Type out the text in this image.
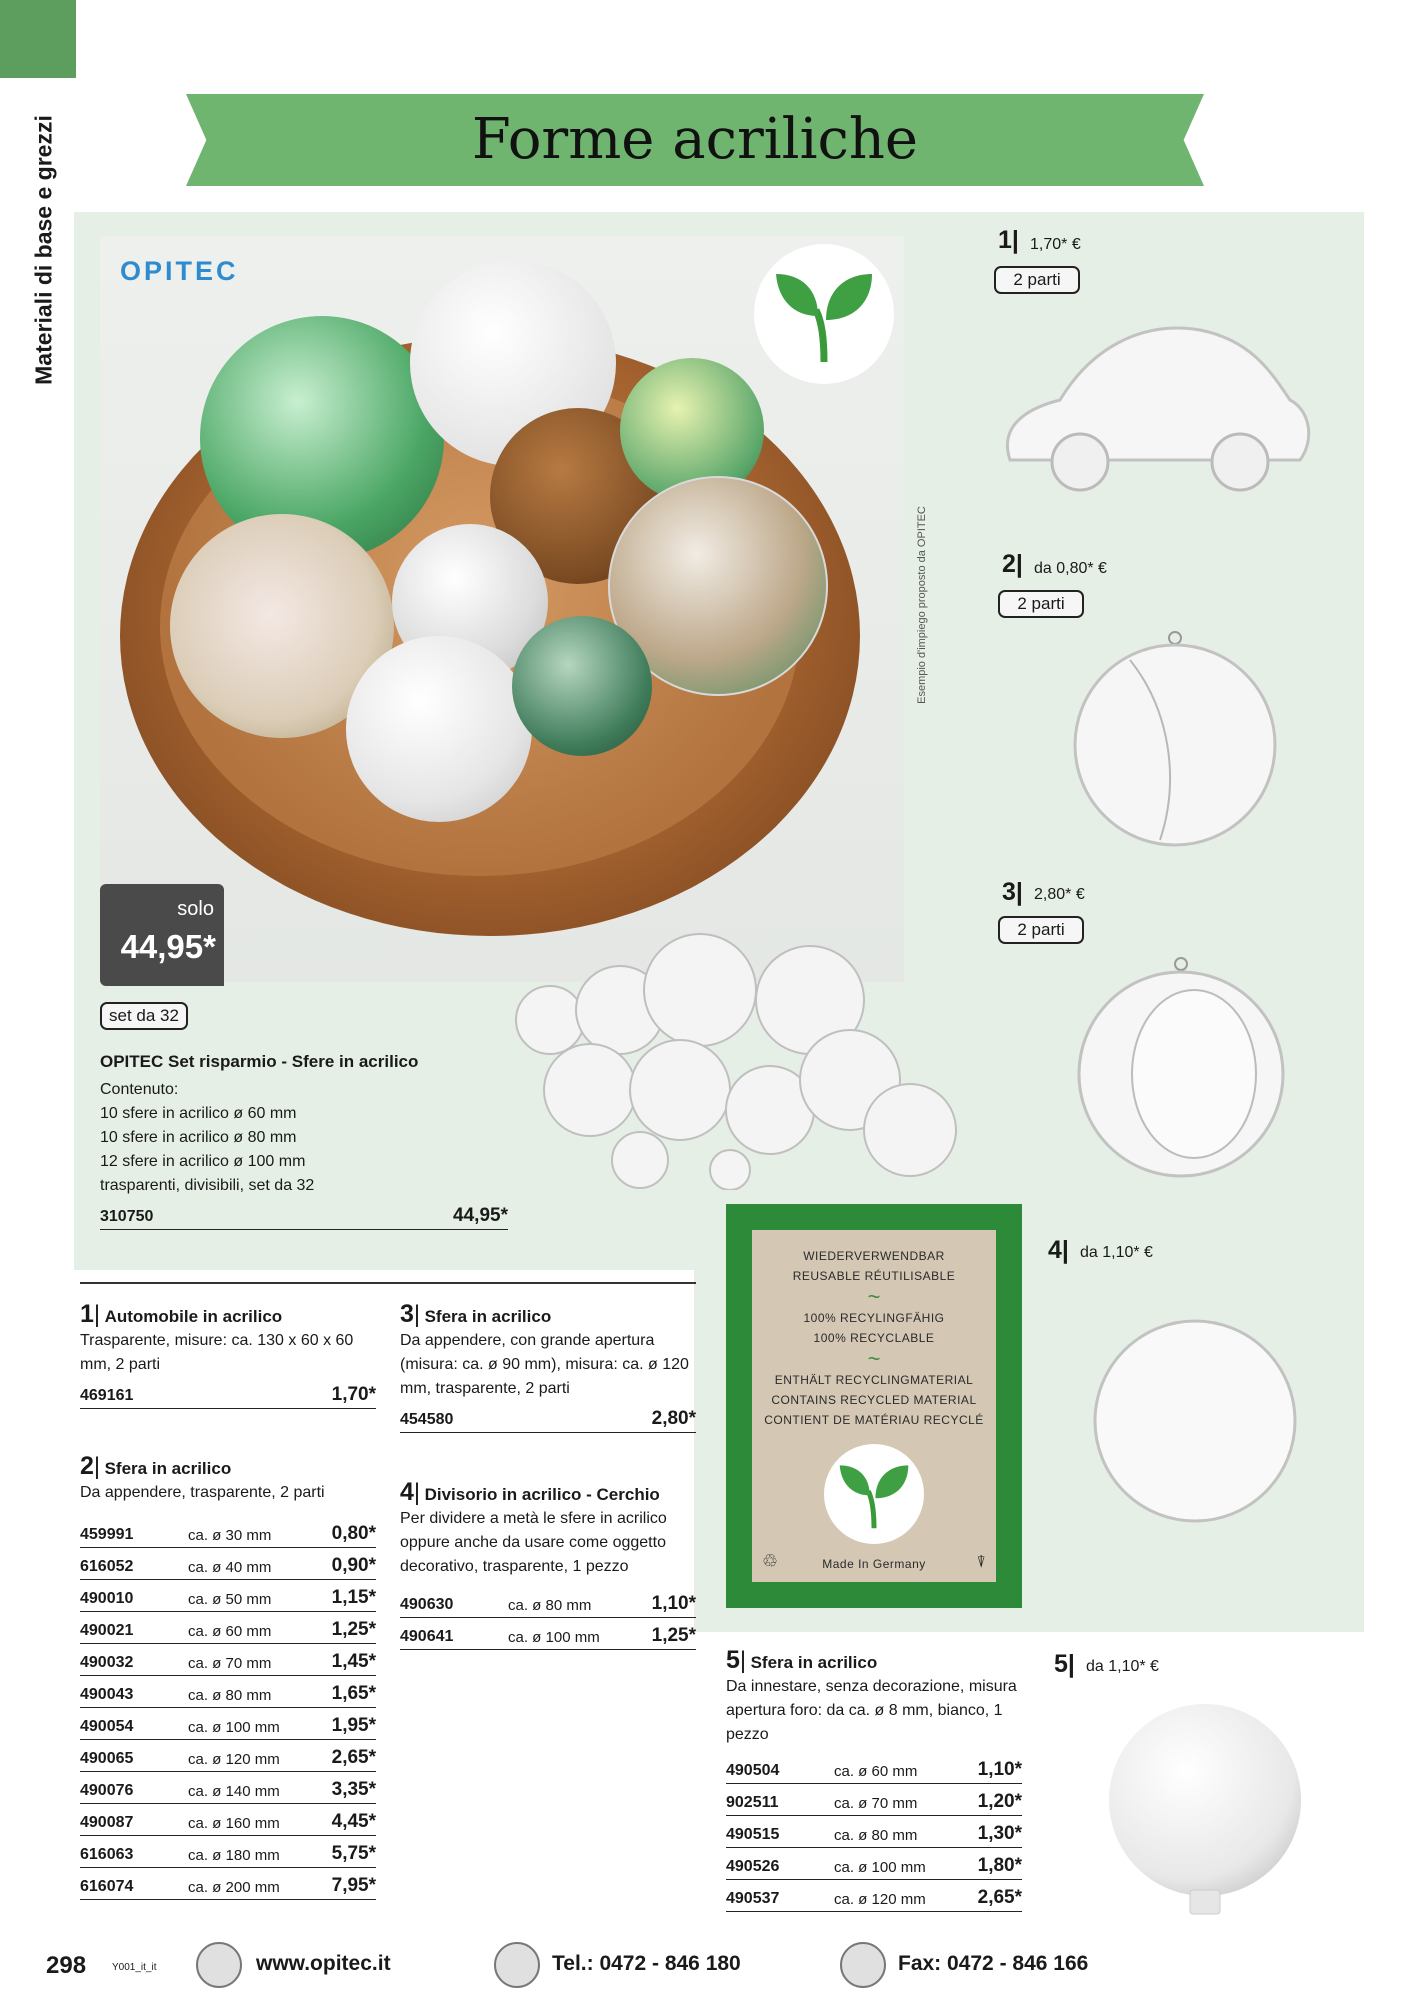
Materiali di base e grezzi	Forme acriliche
OPITEC
Esempio d'impiego proposto da OPITEC
solo
44,95*
set da 32
OPITEC Set risparmio - Sfere in acrilico
Contenuto:
10 sfere in acrilico ø 60 mm
10 sfere in acrilico ø 80 mm
12 sfere in acrilico ø 100 mm
trasparenti, divisibili, set da 32
310750	44,95*
1| Automobile in acrilico
Trasparente, misure: ca. 130 x 60 x 60 mm, 2 parti
469161	1,70*
2| Sfera in acrilico
Da appendere, trasparente, 2 parti
459991	ca. ø 30 mm	0,80*
616052	ca. ø 40 mm	0,90*
490010	ca. ø 50 mm	1,15*
490021	ca. ø 60 mm	1,25*
490032	ca. ø 70 mm	1,45*
490043	ca. ø 80 mm	1,65*
490054	ca. ø 100 mm	1,95*
490065	ca. ø 120 mm	2,65*
490076	ca. ø 140 mm	3,35*
490087	ca. ø 160 mm	4,45*
616063	ca. ø 180 mm	5,75*
616074	ca. ø 200 mm	7,95*
3| Sfera in acrilico
Da appendere, con grande apertura (misura: ca. ø 90 mm), misura: ca. ø 120 mm, trasparente, 2 parti
454580	2,80*
4| Divisorio in acrilico - Cerchio
Per dividere a metà le sfere in acrilico oppure anche da usare come oggetto decorativo, trasparente, 1 pezzo
490630	ca. ø 80 mm	1,10*
490641	ca. ø 100 mm	1,25*
5| Sfera in acrilico
Da innestare, senza decorazione, misura apertura foro: da ca. ø 8 mm, bianco, 1 pezzo
490504	ca. ø 60 mm	1,10*
902511	ca. ø 70 mm	1,20*
490515	ca. ø 80 mm	1,30*
490526	ca. ø 100 mm	1,80*
490537	ca. ø 120 mm	2,65*
1| 1,70* €
2 parti
2| da 0,80* €
2 parti
3| 2,80* €
2 parti
4| da 1,10* €
5| da 1,10* €
WIEDERVERWENDBAR
REUSABLE RÉUTILISABLE
~
100% RECYLINGFÄHIG
100% RECYCLABLE
~
ENTHÄLT RECYCLINGMATERIAL
CONTAINS RECYCLED MATERIAL
CONTIENT DE MATÉRIAU RECYCLÉ
♲	Made In Germany	⍒
298	Y001_it_it	www.opitec.it	Tel.: 0472 - 846 180	Fax: 0472 - 846 166
